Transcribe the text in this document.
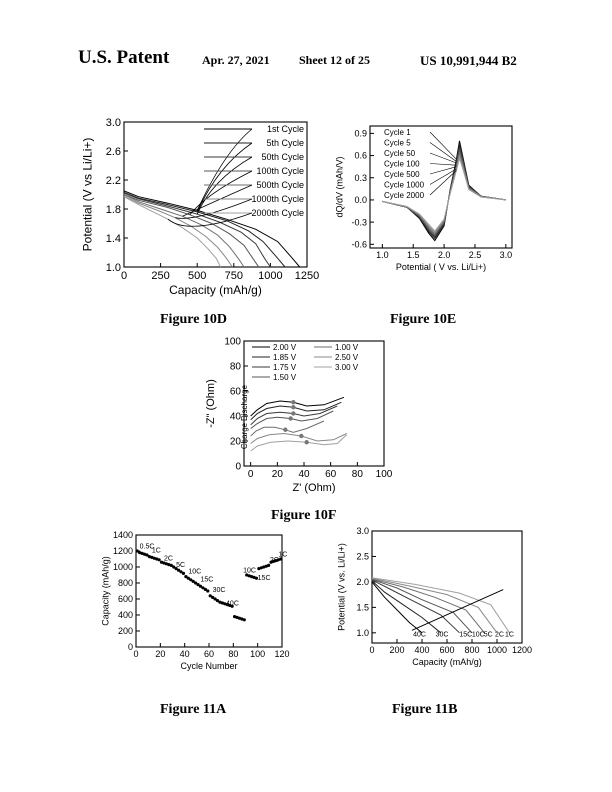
U.S. Patent	Apr. 27, 2021 Sheet 12 of 25	US 10,991,944 B2
0 250 500 750 1000 1250
1.0
1.4
1.8
2.2
2.6
3.0
Capacity (mAh/g)
Potential (V vs Li/Li+)
1st Cycle
5th Cycle
50th Cycle
100th Cycle
500th Cycle
1000th Cycle
2000th Cycle
1.0 1.5 2.0 2.5 3.0
-0.6
-0.3
0.0
0.3
0.6
0.9
Potential ( V vs. Li/Li+)
dQ/dV (mAh/V)
Cycle 1
Cycle 5
Cycle 50
Cycle 100
Cycle 500
Cycle 1000
Cycle 2000
0 20 40 60 80 100
0
20
40
60
80
100
Z' (Ohm)
-Z" (Ohm)
2.00 V
1.85 V
1.75 V
1.50 V
1.00 V
2.50 V
3.00 V
Charge
Discharge
0 20 40 60 80 100 120
0
200
400
600
800
1000
1200
1400
Cycle Number
Capacity (mAh/g)
0.5C
1C
2C
5C
10C
15C
30C
40C
10C
15C
2C
1C
0 200 400 600 800 1000 1200
1.0
1.5
2.0
2.5
3.0
Capacity (mAh/g)
Potential (V vs. Li/Li+)
40C 30C 15C 10C 5C 2C 1C
Figure 10D	Figure 10E
Figure 10F
Figure 11A	Figure 11B
